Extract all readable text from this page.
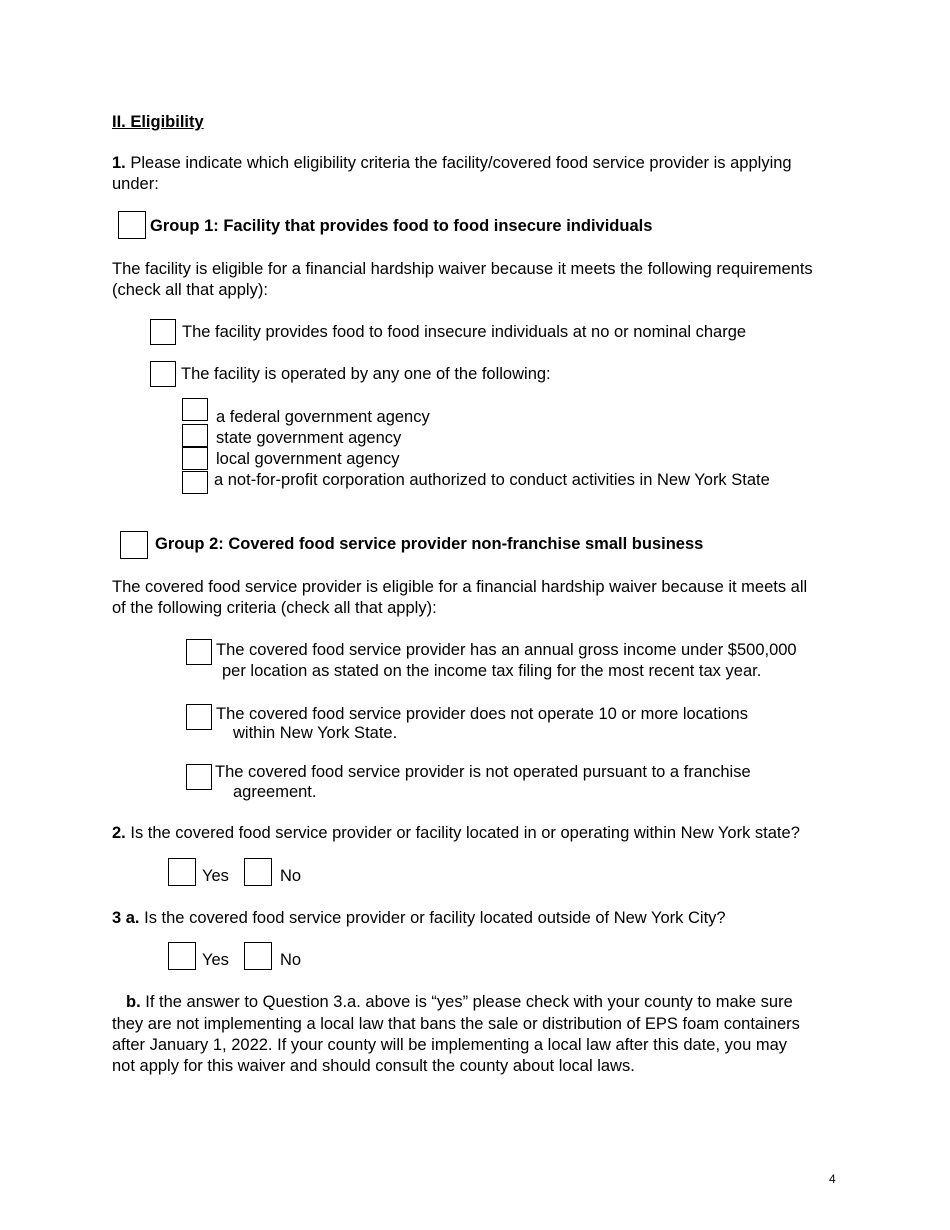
II. Eligibility
1. Please indicate which eligibility criteria the facility/covered food service provider is applying
under:
Group 1: Facility that provides food to food insecure individuals
The facility is eligible for a financial hardship waiver because it meets the following requirements
(check all that apply):
The facility provides food to food insecure individuals at no or nominal charge
The facility is operated by any one of the following:
a federal government agency
state government agency
local government agency
a not-for-profit corporation authorized to conduct activities in New York State
Group 2: Covered food service provider non-franchise small business
The covered food service provider is eligible for a financial hardship waiver because it meets all
of the following criteria (check all that apply):
The covered food service provider has an annual gross income under $500,000
per location as stated on the income tax filing for the most recent tax year.
The covered food service provider does not operate 10 or more locations
within New York State.
The covered food service provider is not operated pursuant to a franchise
agreement.
2. Is the covered food service provider or facility located in or operating within New York state?
Yes	No
3 a. Is the covered food service provider or facility located outside of New York City?
Yes	No
b. If the answer to Question 3.a. above is “yes” please check with your county to make sure
they are not implementing a local law that bans the sale or distribution of EPS foam containers
after January 1, 2022. If your county will be implementing a local law after this date, you may
not apply for this waiver and should consult the county about local laws.
4
